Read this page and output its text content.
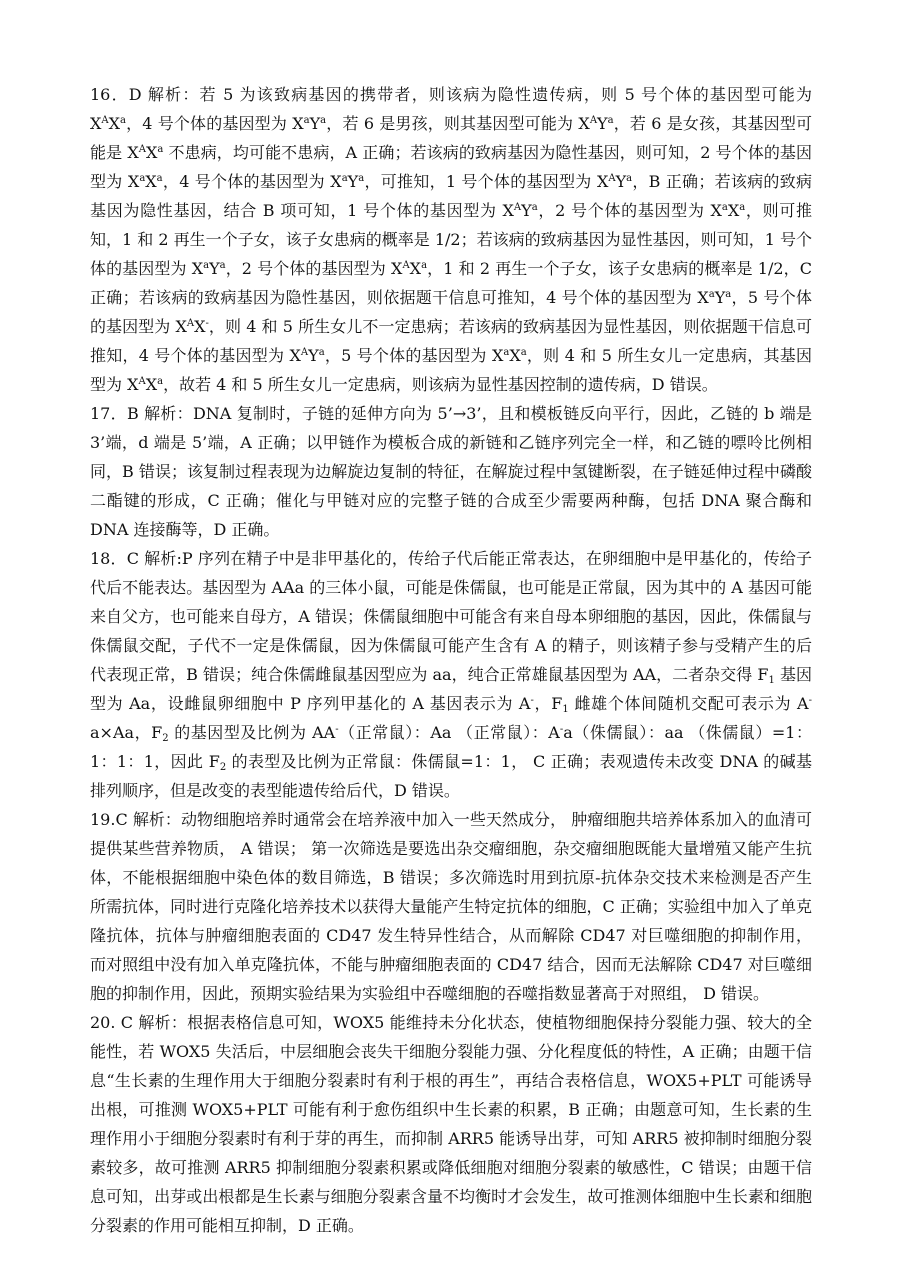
16．D 解析：若 5 为该致病基因的携带者，则该病为隐性遗传病，则 5 号个体的基因型可能为 $X^AX^a$，4 号个体的基因型为 $X^aY^a$，若 6 是男孩，则其基因型可能为 $X^AY^a$，若 6 是女孩，其基因型可能是 $X^AX^a$ 不患病，均可能不患病，A 正确；若该病的致病基因为隐性基因，则可知，2 号个体的基因型为 $X^aX^a$，4 号个体的基因型为 $X^aY^a$，可推知，1 号个体的基因型为 $X^AY^a$，B 正确；若该病的致病基因为隐性基因，结合 B 项可知，1 号个体的基因型为 $X^AY^a$，2 号个体的基因型为 $X^aX^a$，则可推知，1 和 2 再生一个子女，该子女患病的概率是 1/2；若该病的致病基因为显性基因，则可知，1 号个体的基因型为 $X^aY^a$，2 号个体的基因型为 $X^AX^a$，1 和 2 再生一个子女，该子女患病的概率是 1/2，C 正确；若该病的致病基因为隐性基因，则依据题干信息可推知，4 号个体的基因型为 $X^aY^a$，5 号个体的基因型为 $X^AX^-$，则 4 和 5 所生女儿不一定患病；若该病的致病基因为显性基因，则依据题干信息可推知，4 号个体的基因型为 $X^AY^a$，5 号个体的基因型为 $X^aX^a$，则 4 和 5 所生女儿一定患病，其基因型为 $X^AX^a$，故若 4 和 5 所生女儿一定患病，则该病为显性基因控制的遗传病，D 错误。

17．B 解析：DNA 复制时，子链的延伸方向为 5’→3’，且和模板链反向平行，因此，乙链的 b 端是 3’端，d 端是 5’端，A 正确；以甲链作为模板合成的新链和乙链序列完全一样，和乙链的嘌呤比例相同，B 错误；该复制过程表现为边解旋边复制的特征，在解旋过程中氢键断裂，在子链延伸过程中磷酸二酯键的形成，C 正确；催化与甲链对应的完整子链的合成至少需要两种酶，包括 DNA 聚合酶和 DNA 连接酶等，D 正确。

18．C 解析:P 序列在精子中是非甲基化的，传给子代后能正常表达，在卵细胞中是甲基化的，传给子代后不能表达。基因型为 AAa 的三体小鼠，可能是侏儒鼠，也可能是正常鼠，因为其中的 A 基因可能来自父方，也可能来自母方，A 错误；侏儒鼠细胞中可能含有来自母本卵细胞的基因，因此，侏儒鼠与侏儒鼠交配，子代不一定是侏儒鼠，因为侏儒鼠可能产生含有 A 的精子，则该精子参与受精产生的后代表现正常，B 错误；纯合侏儒雌鼠基因型应为 aa，纯合正常雄鼠基因型为 AA，二者杂交得 $F_1$ 基因型为 Aa，设雌鼠卵细胞中 P 序列甲基化的 A 基因表示为 A-，$F_1$ 雌雄个体间随机交配可表示为 A-a×Aa，$F_2$ 的基因型及比例为 AA-（正常鼠）：Aa （正常鼠）：A-a（侏儒鼠）：aa （侏儒鼠）=1：1：1：1，因此 $F_2$ 的表型及比例为正常鼠：侏儒鼠=1：1， C 正确；表观遗传未改变 DNA 的碱基排列顺序，但是改变的表型能遗传给后代，D 错误。

19.C 解析：动物细胞培养时通常会在培养液中加入一些天然成分， 肿瘤细胞共培养体系加入的血清可提供某些营养物质， A 错误； 第一次筛选是要选出杂交瘤细胞，杂交瘤细胞既能大量增殖又能产生抗体，不能根据细胞中染色体的数目筛选，B 错误；多次筛选时用到抗原-抗体杂交技术来检测是否产生所需抗体，同时进行克隆化培养技术以获得大量能产生特定抗体的细胞，C 正确；实验组中加入了单克隆抗体，抗体与肿瘤细胞表面的 CD47 发生特异性结合，从而解除 CD47 对巨噬细胞的抑制作用， 而对照组中没有加入单克隆抗体，不能与肿瘤细胞表面的 CD47 结合，因而无法解除 CD47 对巨噬细胞的抑制作用，因此，预期实验结果为实验组中吞噬细胞的吞噬指数显著高于对照组， D 错误。

20. C 解析：根据表格信息可知，WOX5 能维持未分化状态，使植物细胞保持分裂能力强、较大的全能性，若 WOX5 失活后，中层细胞会丧失干细胞分裂能力强、分化程度低的特性，A 正确；由题干信息“生长素的生理作用大于细胞分裂素时有利于根的再生”，再结合表格信息，WOX5+PLT 可能诱导出根，可推测 WOX5+PLT 可能有利于愈伤组织中生长素的积累，B 正确；由题意可知，生长素的生理作用小于细胞分裂素时有利于芽的再生，而抑制 ARR5 能诱导出芽，可知 ARR5 被抑制时细胞分裂素较多，故可推测 ARR5 抑制细胞分裂素积累或降低细胞对细胞分裂素的敏感性，C 错误；由题干信息可知，出芽或出根都是生长素与细胞分裂素含量不均衡时才会发生，故可推测体细胞中生长素和细胞分裂素的作用可能相互抑制，D 正确。
